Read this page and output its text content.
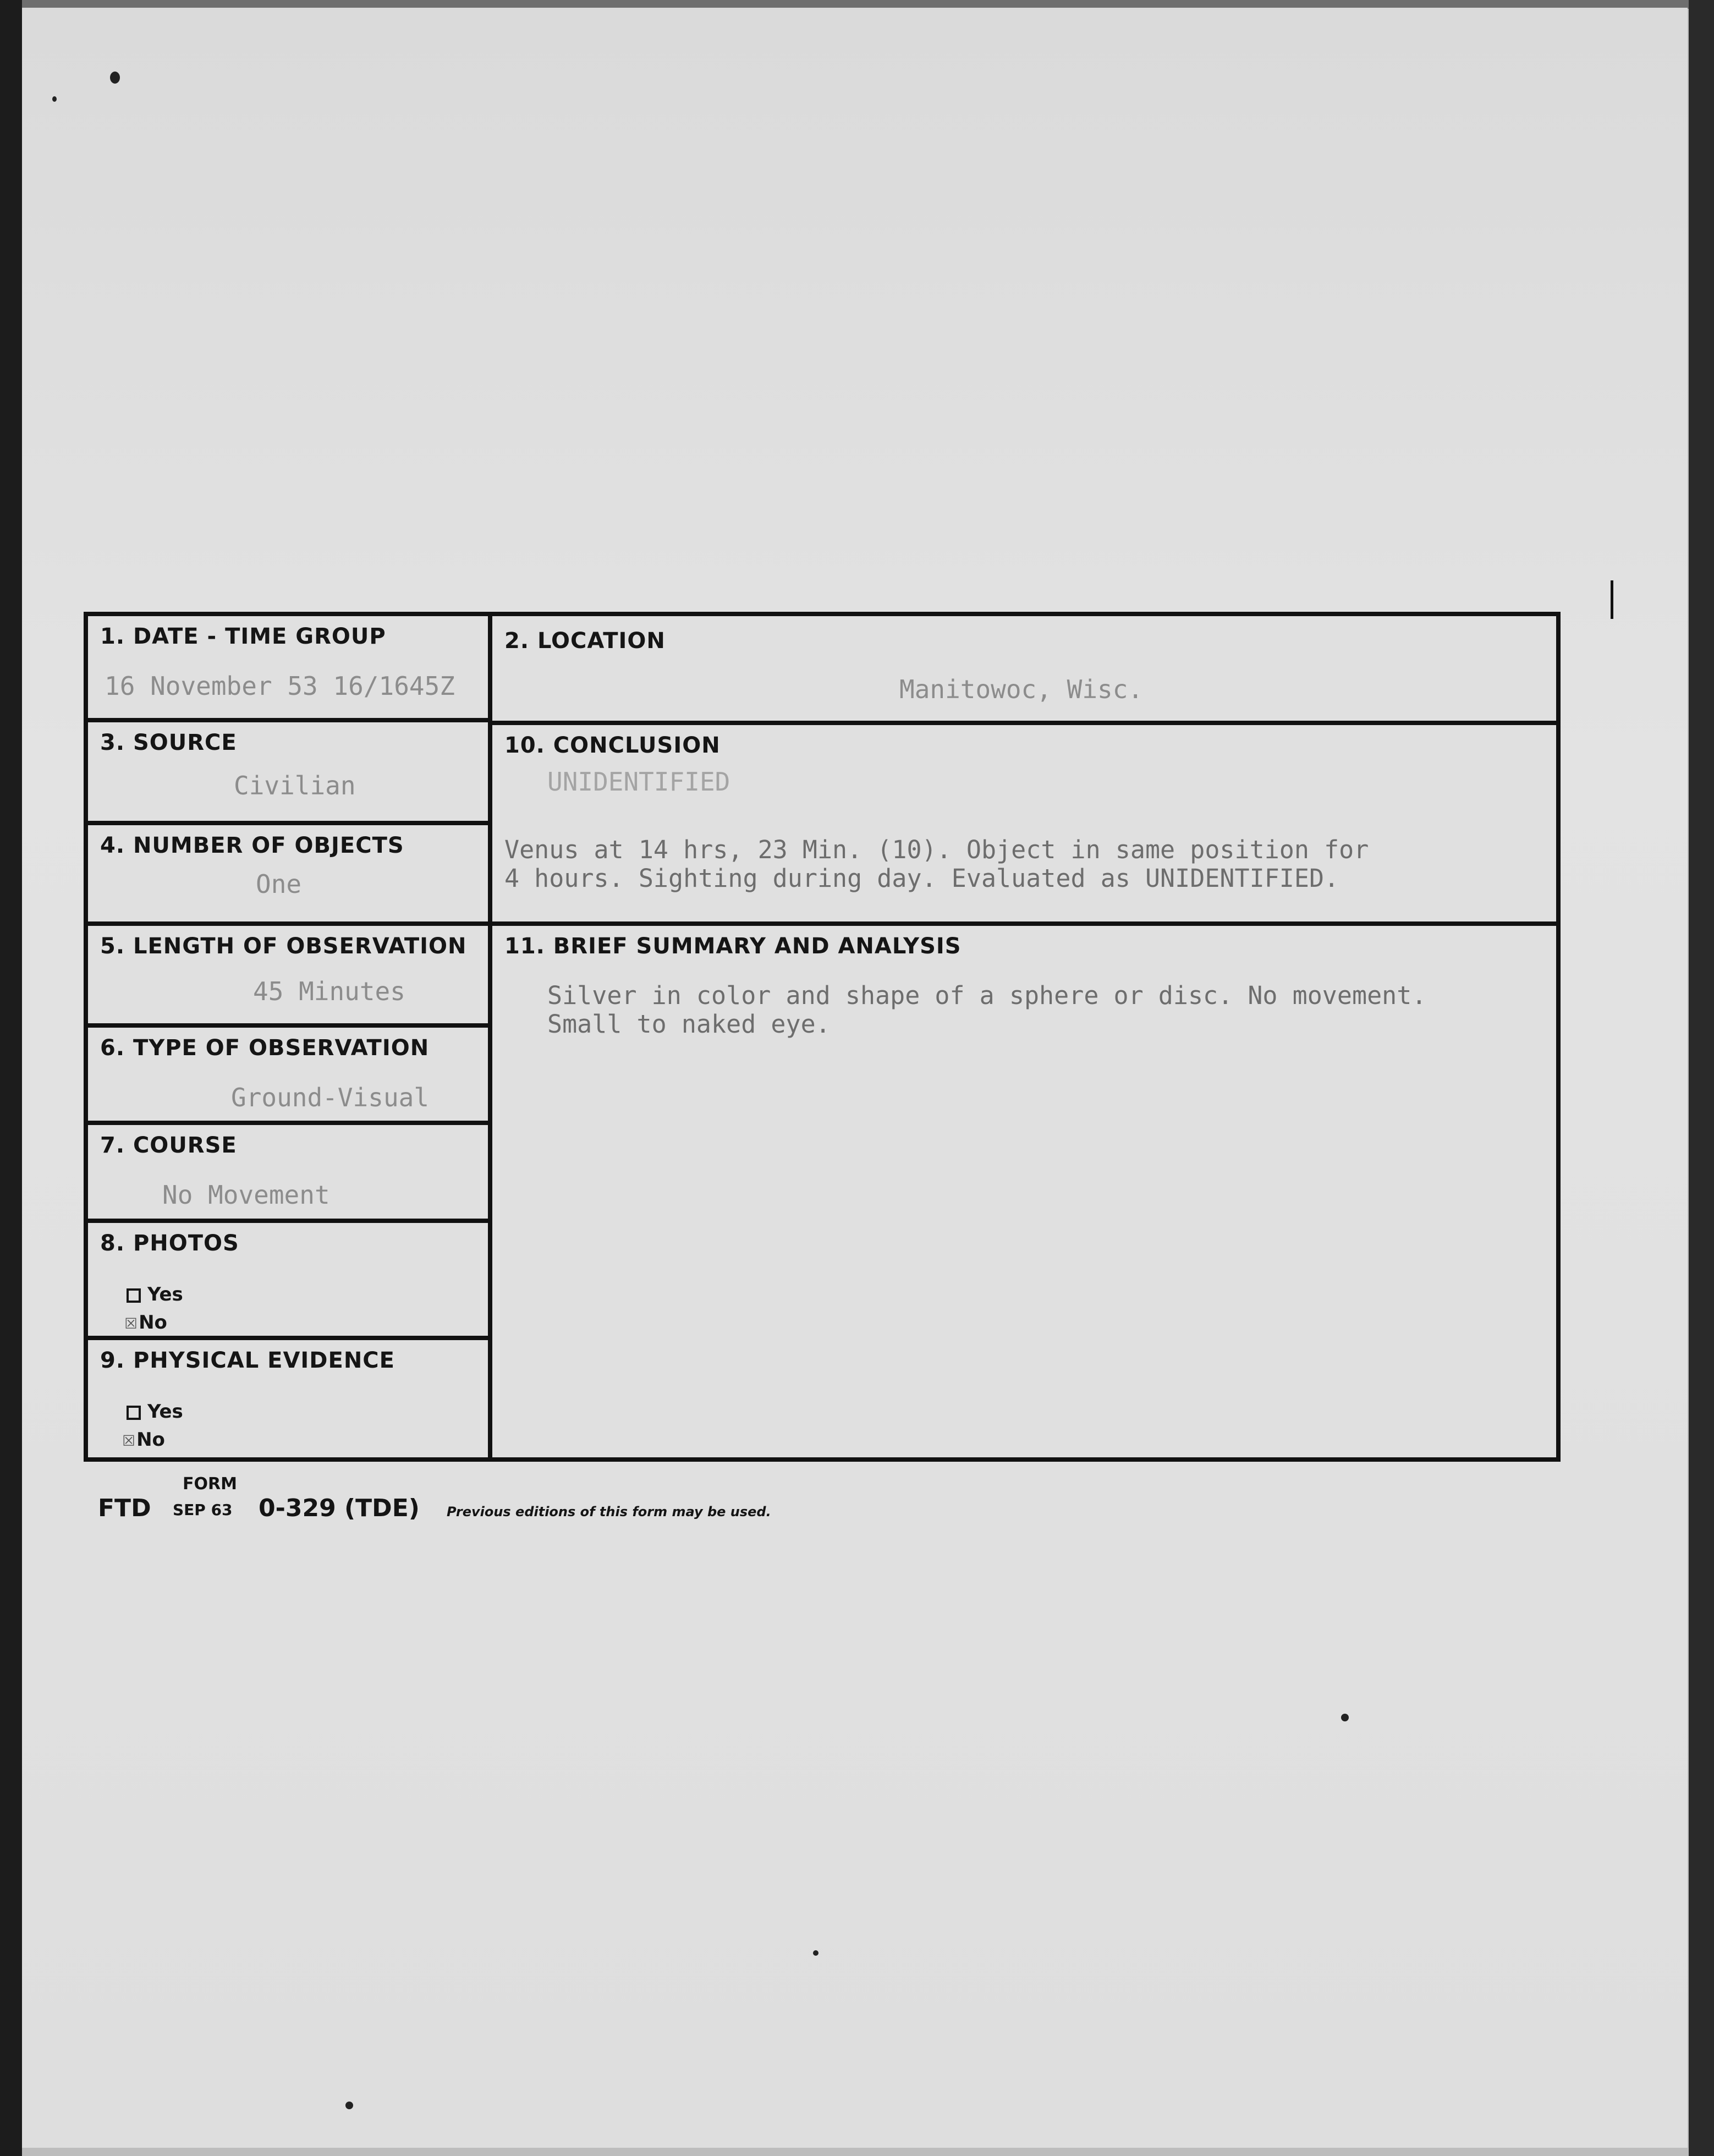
1. DATE - TIME GROUP
16 November 53 16/1645Z
2. LOCATION
Manitowoc, Wisc.
3. SOURCE
Civilian
4. NUMBER OF OBJECTS
One
5. LENGTH OF OBSERVATION
45 Minutes
6. TYPE OF OBSERVATION
Ground-Visual
7. COURSE
No Movement
8. PHOTOS
Yes
☒No
9. PHYSICAL EVIDENCE
Yes
☒No
10. CONCLUSION
UNIDENTIFIED
Venus at 14 hrs, 23 Min. (10). Object in same position for
4 hours. Sighting during day. Evaluated as UNIDENTIFIED.
11. BRIEF SUMMARY AND ANALYSIS
Silver in color and shape of a sphere or disc. No movement.
Small to naked eye.
FORM
FTD SEP 63 0-329 (TDE) Previous editions of this form may be used.
